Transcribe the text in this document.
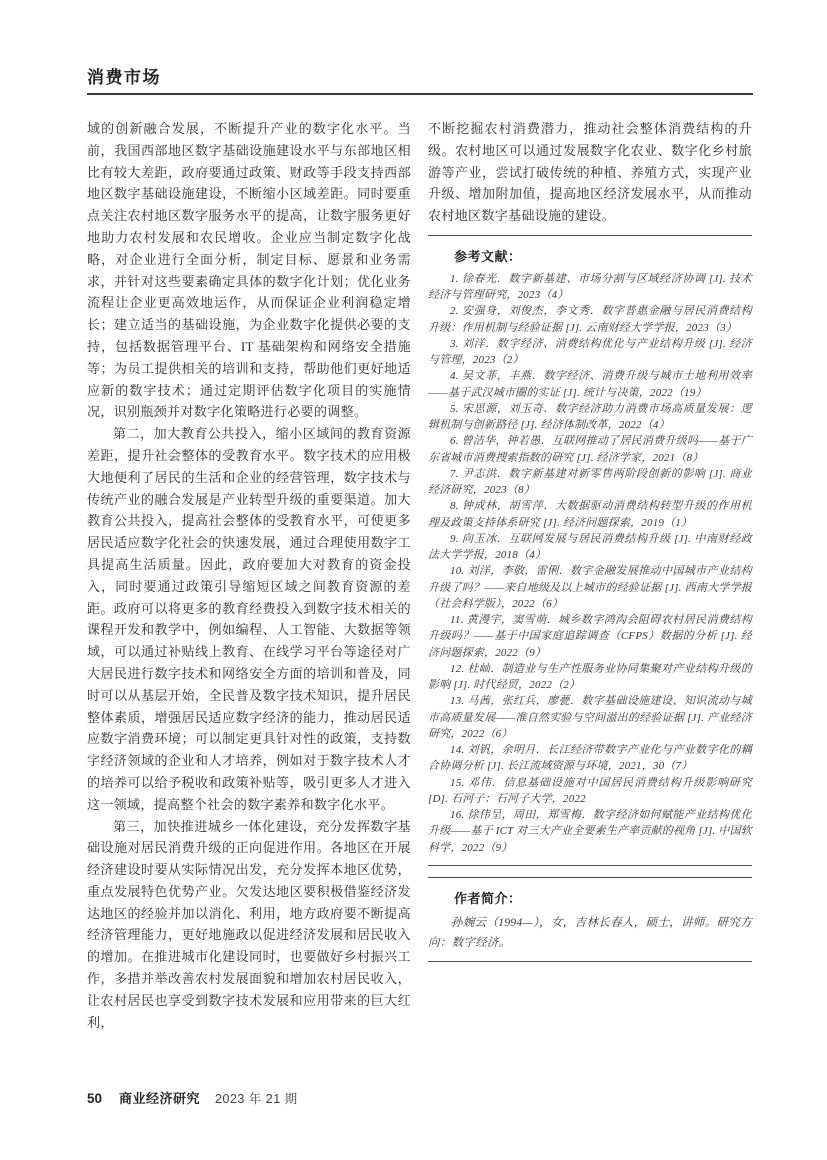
消费市场

域的创新融合发展，不断提升产业的数字化水平。当前，我国西部地区数字基础设施建设水平与东部地区相比有较大差距，政府要通过政策、财政等手段支持西部地区数字基础设施建设，不断缩小区域差距。同时要重点关注农村地区数字服务水平的提高，让数字服务更好地助力农村发展和农民增收。企业应当制定数字化战略，对企业进行全面分析，制定目标、愿景和业务需求，并针对这些要素确定具体的数字化计划；优化业务流程让企业更高效地运作，从而保证企业利润稳定增长；建立适当的基础设施，为企业数字化提供必要的支持，包括数据管理平台、IT 基础架构和网络安全措施等；为员工提供相关的培训和支持，帮助他们更好地适应新的数字技术；通过定期评估数字化项目的实施情况，识别瓶颈并对数字化策略进行必要的调整。

第二，加大教育公共投入，缩小区域间的教育资源差距，提升社会整体的受教育水平。数字技术的应用极大地便利了居民的生活和企业的经营管理，数字技术与传统产业的融合发展是产业转型升级的重要渠道。加大教育公共投入，提高社会整体的受教育水平，可使更多居民适应数字化社会的快速发展，通过合理使用数字工具提高生活质量。因此，政府要加大对教育的资金投入，同时要通过政策引导缩短区域之间教育资源的差距。政府可以将更多的教育经费投入到数字技术相关的课程开发和教学中，例如编程、人工智能、大数据等领域，可以通过补贴线上教育、在线学习平台等途径对广大居民进行数字技术和网络安全方面的培训和普及，同时可以从基层开始，全民普及数字技术知识，提升居民整体素质，增强居民适应数字经济的能力，推动居民适应数字消费环境；可以制定更具针对性的政策，支持数字经济领域的企业和人才培养，例如对于数字技术人才的培养可以给予税收和政策补贴等，吸引更多人才进入这一领域，提高整个社会的数字素养和数字化水平。

第三，加快推进城乡一体化建设，充分发挥数字基础设施对居民消费升级的正向促进作用。各地区在开展经济建设时要从实际情况出发，充分发挥本地区优势，重点发展特色优势产业。欠发达地区要积极借鉴经济发达地区的经验并加以消化、利用，地方政府要不断提高经济管理能力，更好地施政以促进经济发展和居民收入的增加。在推进城市化建设同时，也要做好乡村振兴工作，多措并举改善农村发展面貌和增加农村居民收入，让农村居民也享受到数字技术发展和应用带来的巨大红利，

不断挖掘农村消费潜力，推动社会整体消费结构的升级。农村地区可以通过发展数字化农业、数字化乡村旅游等产业，尝试打破传统的种植、养殖方式，实现产业升级、增加附加值，提高地区经济发展水平，从而推动农村地区数字基础设施的建设。

参考文献：

1. 徐春光．数字新基建、市场分割与区域经济协调 [J]. 技术经济与管理研究，2023（4）

2. 安强身，刘俊杰，李文秀．数字普惠金融与居民消费结构升级：作用机制与经验证据 [J]. 云南财经大学学报，2023（3）

3. 刘洋．数字经济、消费结构优化与产业结构升级 [J]. 经济与管理，2023（2）

4. 吴文菲，丰燕．数字经济、消费升级与城市土地利用效率——基于武汉城市圈的实证 [J]. 统计与决策，2022（19）

5. 宋思源，刘玉奇．数字经济助力消费市场高质量发展：逻辑机制与创新路径 [J]. 经济体制改革，2022（4）

6. 曾洁华，钟若愚．互联网推动了居民消费升级吗——基于广东省城市消费搜索指数的研究 [J]. 经济学家，2021（8）

7. 尹志洪．数字新基建对新零售两阶段创新的影响 [J]. 商业经济研究，2023（8）

8. 钟成林，胡雪萍．大数据驱动消费结构转型升级的作用机理及政策支持体系研究 [J]. 经济问题探索，2019（1）

9. 向玉冰．互联网发展与居民消费结构升级 [J]. 中南财经政法大学学报，2018（4）

10. 刘洋，李敬，雷俐．数字金融发展推动中国城市产业结构升级了吗？——来自地级及以上城市的经验证据 [J]. 西南大学学报（社会科学版），2022（6）

11. 黄漫宇，窦雪萌．城乡数字鸿沟会阻碍农村居民消费结构升级吗？——基于中国家庭追踪调查（CFPS）数据的分析 [J]. 经济问题探索，2022（9）

12. 杜屾．制造业与生产性服务业协同集聚对产业结构升级的影响 [J]. 时代经贸，2022（2）

13. 马茜，张红兵，廖甍．数字基础设施建设、知识流动与城市高质量发展——准自然实验与空间溢出的经验证据 [J]. 产业经济研究，2022（6）

14. 刘钒，余明月．长江经济带数字产业化与产业数字化的耦合协调分析 [J]. 长江流域资源与环境，2021，30（7）

15. 邓伟．信息基础设施对中国居民消费结构升级影响研究 [D]. 石河子：石河子大学，2022

16. 徐伟呈，周田，郑雪梅．数字经济如何赋能产业结构优化升级——基于 ICT 对三大产业全要素生产率贡献的视角 [J]. 中国软科学，2022（9）

作者简介：

孙婉云（1994—），女，吉林长春人，硕士，讲师。研究方向：数字经济。

50 商业经济研究 2023 年 21 期
